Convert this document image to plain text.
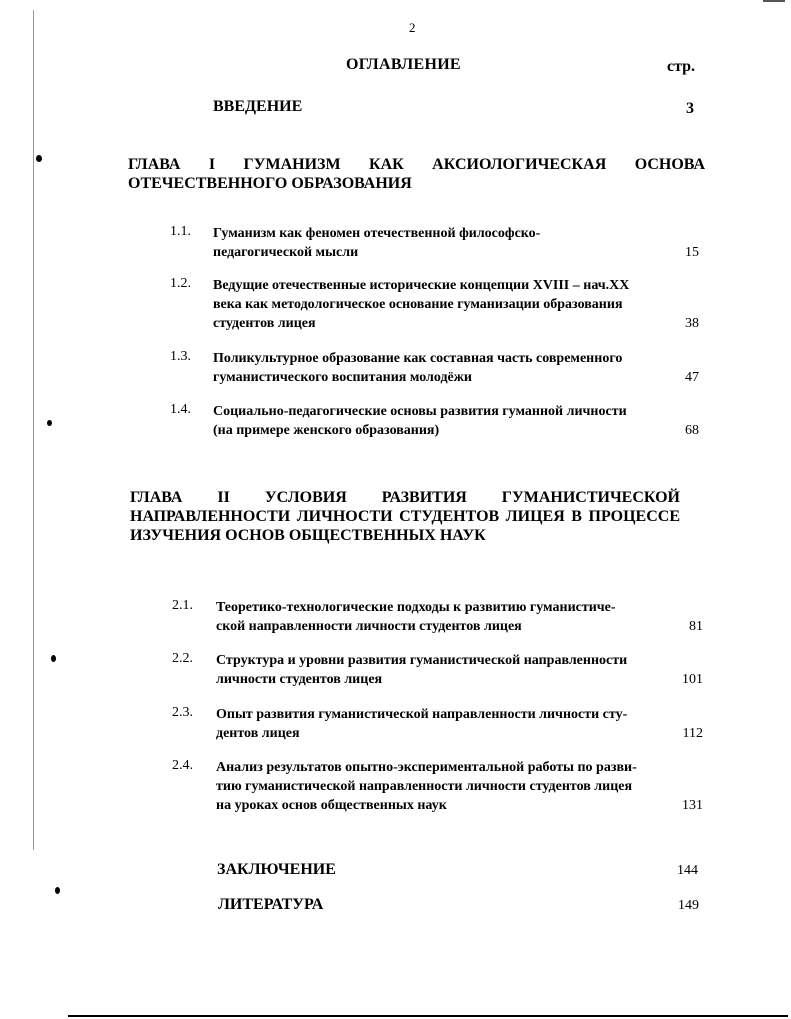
2
ОГЛАВЛЕНИЕ	стр.
ВВЕДЕНИЕ	3
ГЛАВА I ГУМАНИЗМ КАК АКСИОЛОГИЧЕСКАЯ ОСНОВА ОТЕЧЕСТВЕННОГО ОБРАЗОВАНИЯ
1.1. Гуманизм как феномен отечественной философско-
педагогической мысли	15
1.2. Ведущие отечественные исторические концепции XVIII – нач.XX
века как методологическое основание гуманизации образования
студентов лицея	38
1.3. Поликультурное образование как составная часть современного
гуманистического воспитания молодёжи	47
1.4. Социально-педагогические основы развития гуманной личности
(на примере женского образования)	68
ГЛАВА II УСЛОВИЯ РАЗВИТИЯ ГУМАНИСТИЧЕСКОЙ НАПРАВЛЕННОСТИ ЛИЧНОСТИ СТУДЕНТОВ ЛИЦЕЯ В ПРОЦЕССЕ ИЗУЧЕНИЯ ОСНОВ ОБЩЕСТВЕННЫХ НАУК
2.1. Теоретико-технологические подходы к развитию гуманистиче-
ской направленности личности студентов лицея	81
2.2. Структура и уровни развития гуманистической направленности
личности студентов лицея	101
2.3. Опыт развития гуманистической направленности личности сту-
дентов лицея	112
2.4. Анализ результатов опытно-экспериментальной работы по разви-
тию гуманистической направленности личности студентов лицея
на уроках основ общественных наук	131
ЗАКЛЮЧЕНИЕ	144
ЛИТЕРАТУРА	149
